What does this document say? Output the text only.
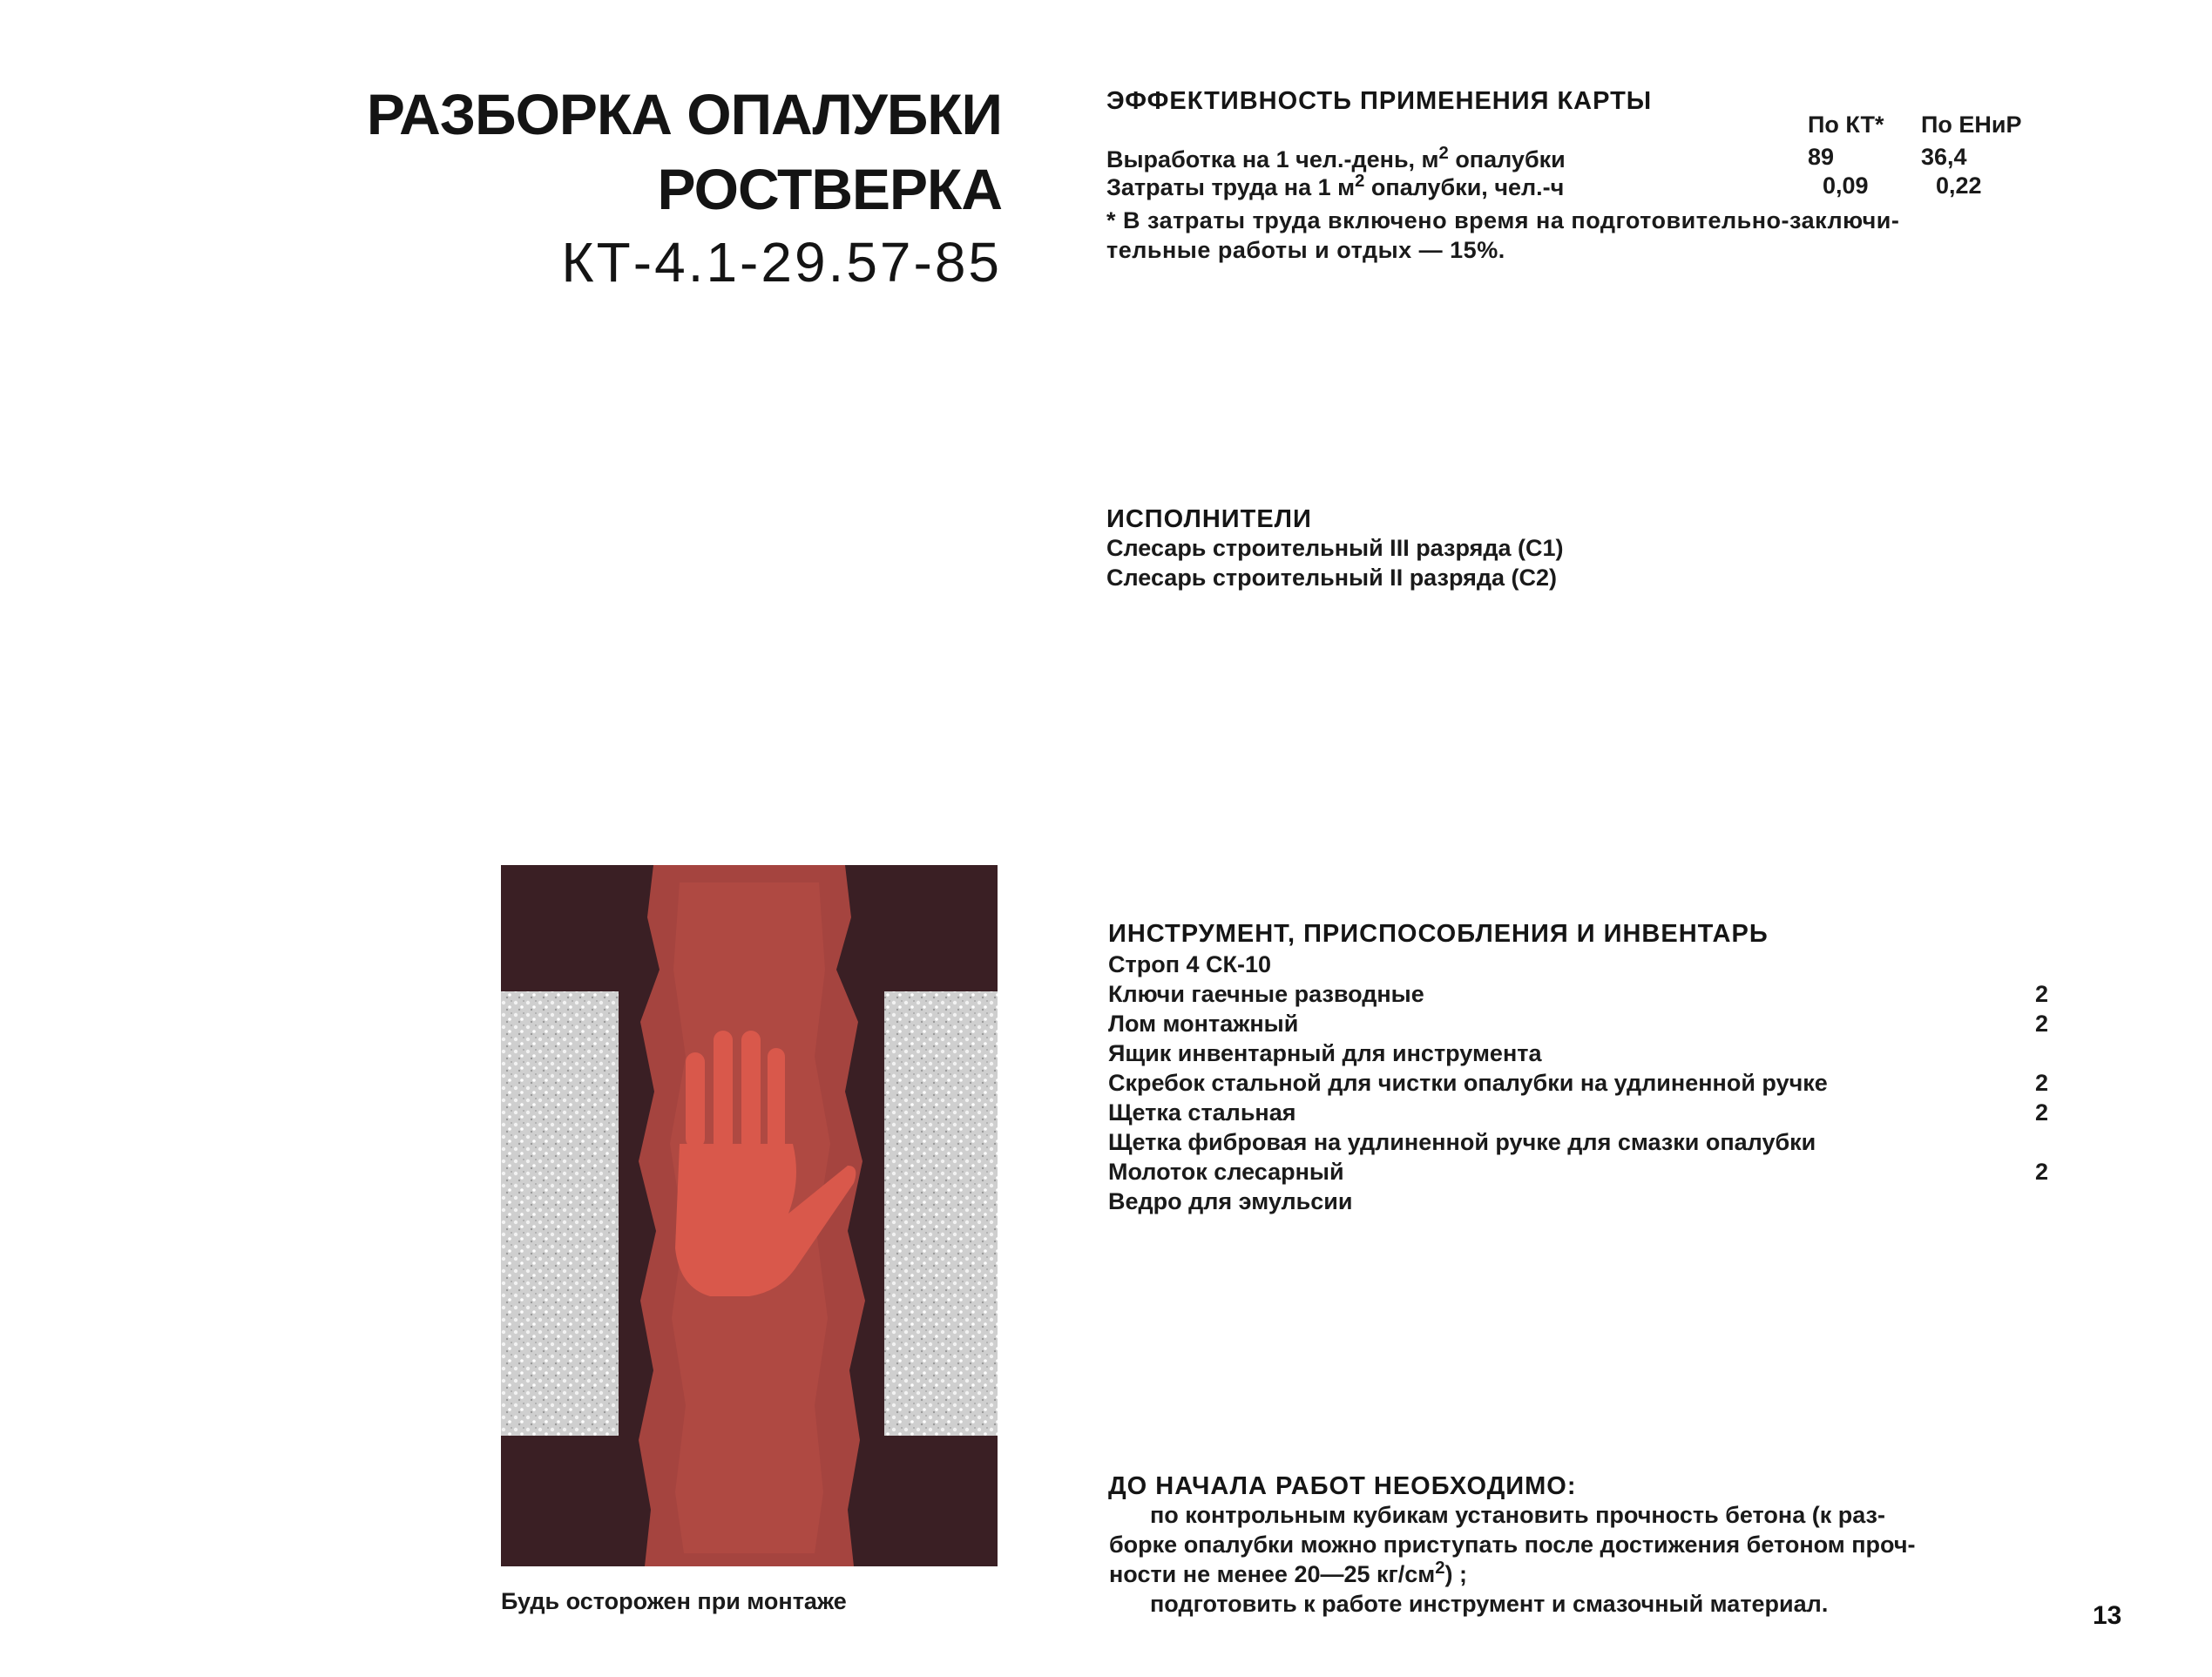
РАЗБОРКА ОПАЛУБКИ
РОСТВЕРКА
КТ-4.1-29.57-85
ЭФФЕКТИВНОСТЬ ПРИМЕНЕНИЯ КАРТЫ
По КТ* По ЕНиР
Выработка на 1 чел.-день, $м^2$ опалубки	89	36,4
Затраты труда на 1 $м^2$ опалубки, чел.-ч	0,09	0,22
* В затраты труда включено время на подготовительно-заключи-
тельные работы и отдых — 15%.
ИСПОЛНИТЕЛИ
Слесарь строительный III разряда (С1)
Слесарь строительный II разряда (С2)
ИНСТРУМЕНТ, ПРИСПОСОБЛЕНИЯ И ИНВЕНТАРЬ
Строп 4 СК-10
Ключи гаечные разводные	2
Лом монтажный	2
Ящик инвентарный для инструмента
Скребок стальной для чистки опалубки на удлиненной ручке	2
Щетка стальная	2
Щетка фибровая на удлиненной ручке для смазки опалубки
Молоток слесарный	2
Ведро для эмульсии
ДО НАЧАЛА РАБОТ НЕОБХОДИМО:
по контрольным кубикам установить прочность бетона (к раз-
борке опалубки можно приступать после достижения бетоном проч-
ности не менее 20—25 $кг/см^2$) ;
подготовить к работе инструмент и смазочный материал.
Будь осторожен при монтаже	13
